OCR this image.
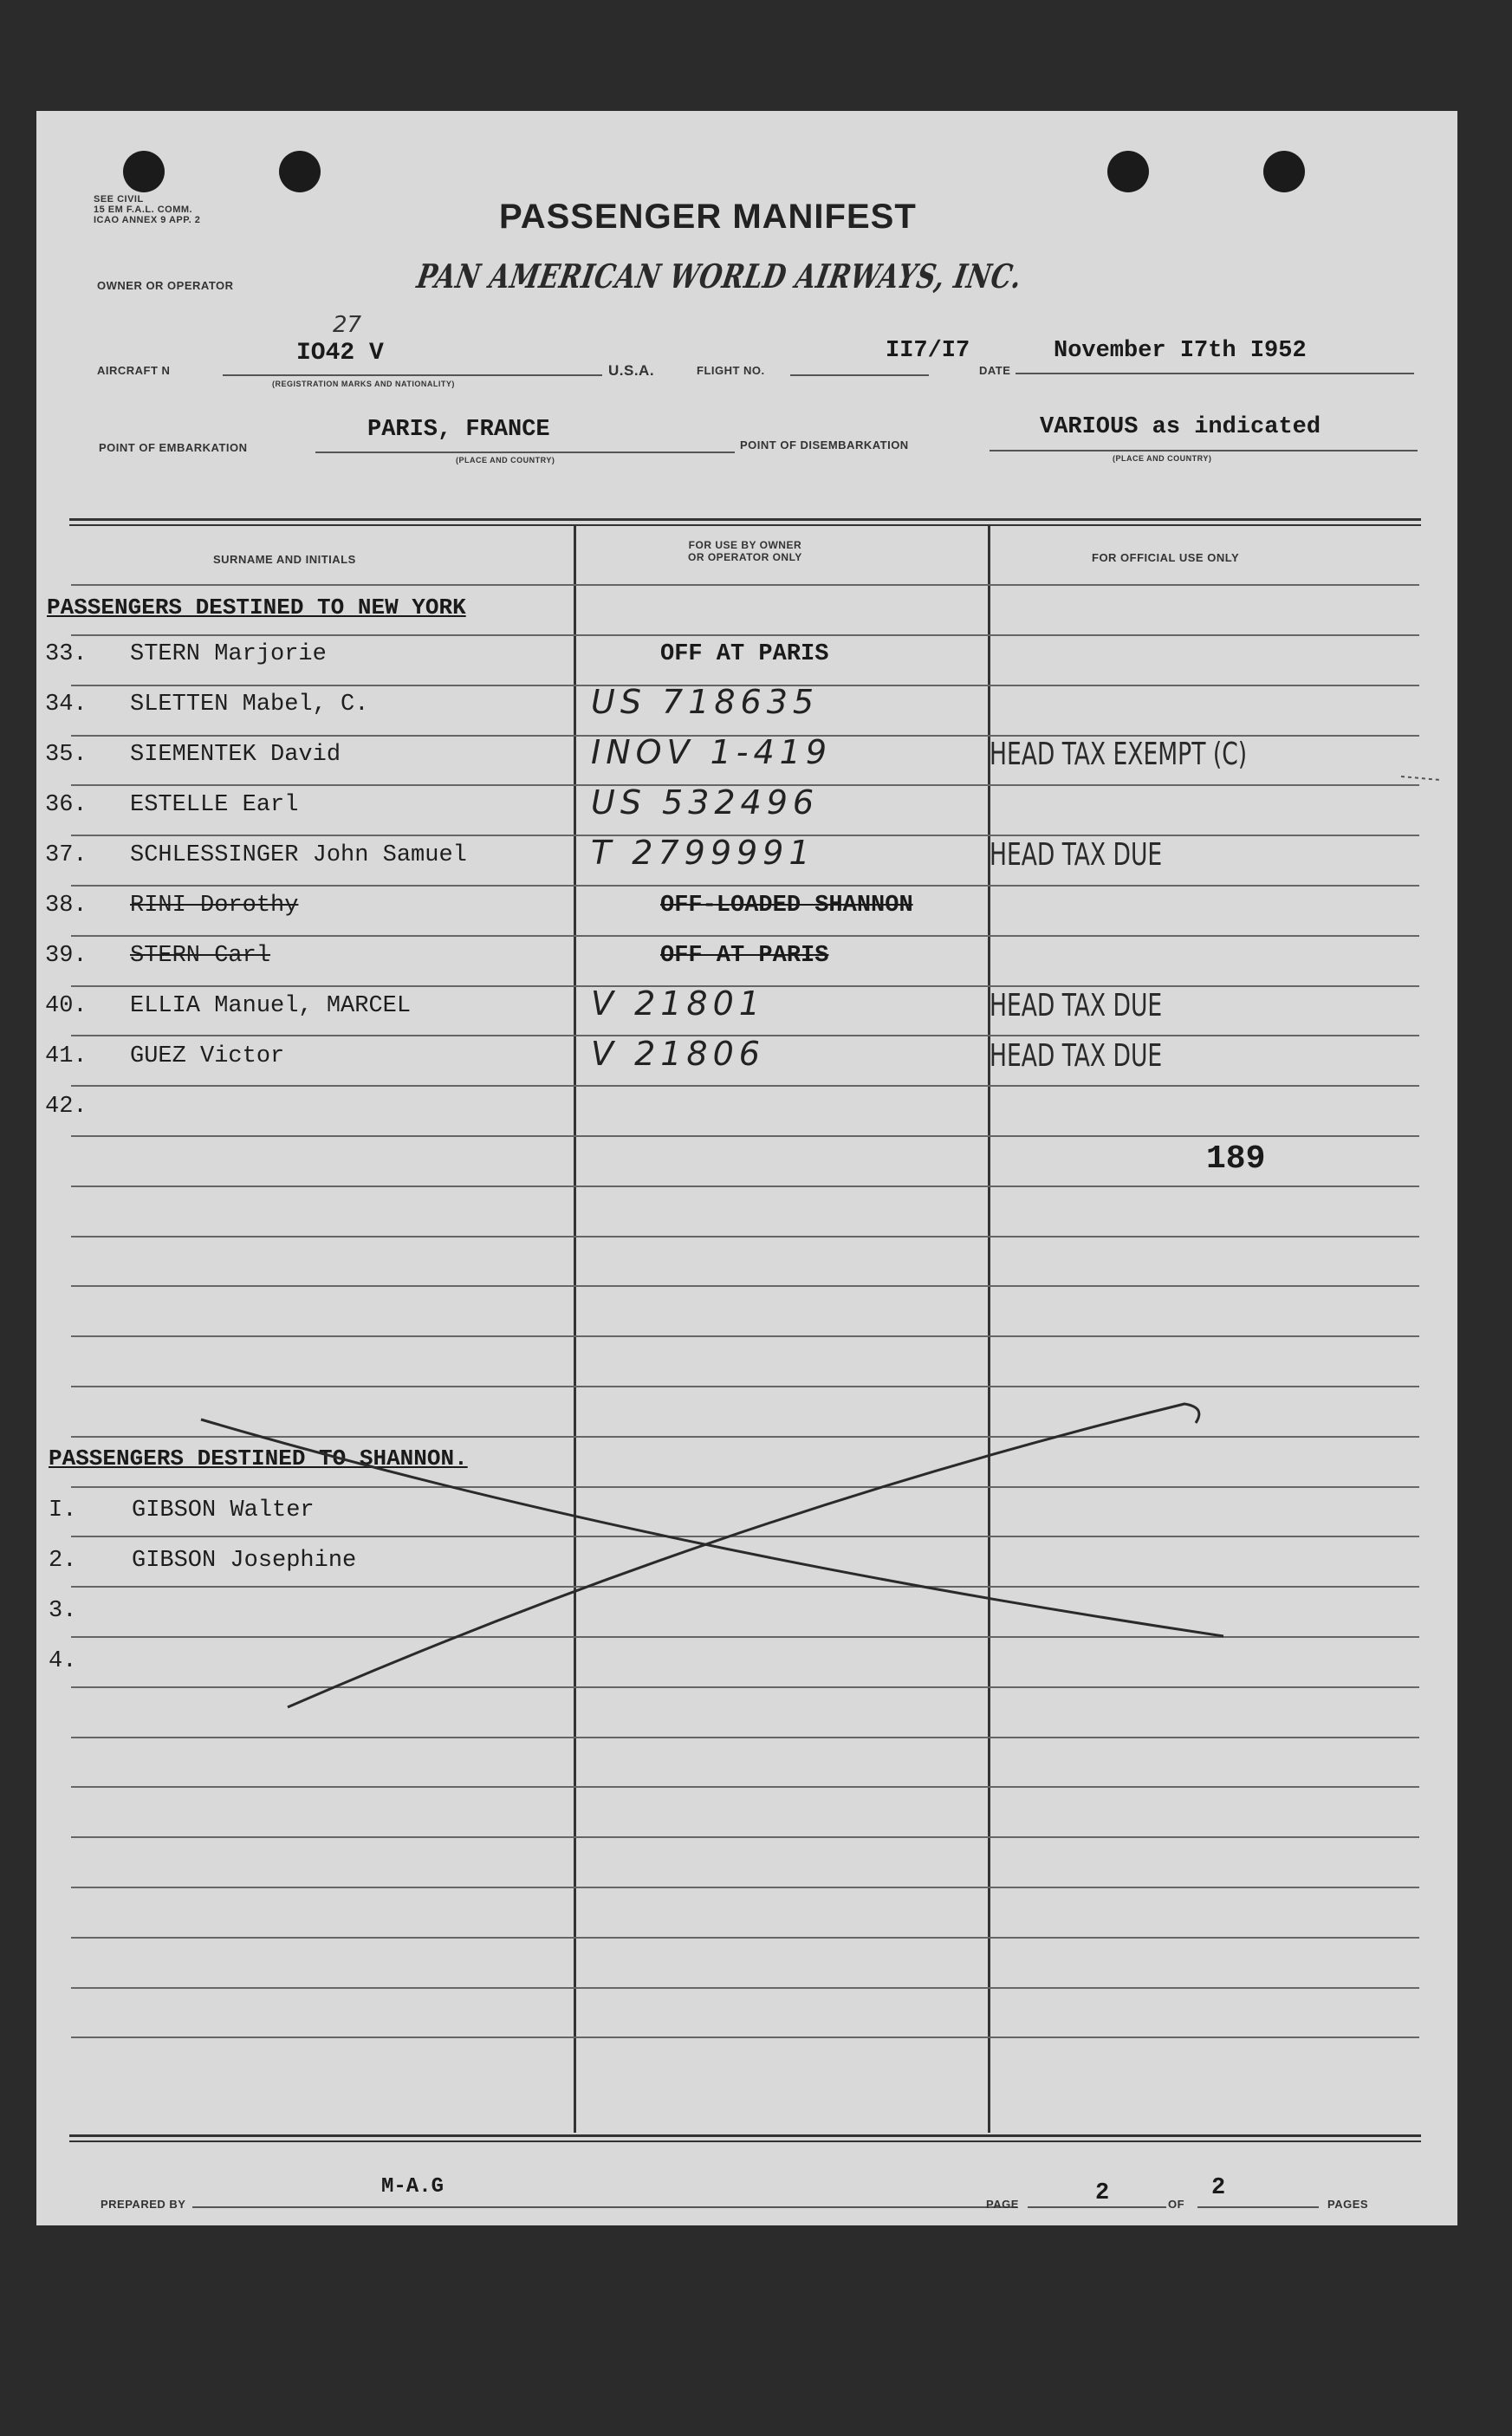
SEE CIVIL
15 EM F.A.L. COMM.
ICAO ANNEX 9 APP. 2	PASSENGER MANIFEST
OWNER OR OPERATOR	PAN AMERICAN WORLD AIRWAYS, INC.
AIRCRAFT N
IO42 V
27
(REGISTRATION MARKS AND NATIONALITY)
U.S.A.	FLIGHT NO.
II7/I7
DATE
November I7th I952
POINT OF EMBARKATION
PARIS, FRANCE
(PLACE AND COUNTRY)
POINT OF DISEMBARKATION
VARIOUS as indicated
(PLACE AND COUNTRY)
SURNAME AND INITIALS
FOR USE BY OWNER
OR OPERATOR ONLY	FOR OFFICIAL USE ONLY
PASSENGERS DESTINED TO NEW YORK
33. STERN Marjorie	OFF AT PARIS
34. SLETTEN Mabel, C.	US 718635
35. SIEMENTEK David	INOV 1-419	HEAD TAX EXEMPT (C)
36. ESTELLE Earl	US 532496
37. SCHLESSINGER John Samuel	T 2799991	HEAD TAX DUE
38. RINI Dorothy	OFF-LOADED SHANNON
39. STERN Carl	OFF AT PARIS
40. ELLIA Manuel, MARCEL	V 21801	HEAD TAX DUE
41. GUEZ Victor	V 21806	HEAD TAX DUE
42.
189
PASSENGERS DESTINED TO SHANNON.
I. GIBSON Walter
2. GIBSON Josephine
3.
4.
PREPARED BY
M-A.G
PAGE	2	OF
2
PAGES
